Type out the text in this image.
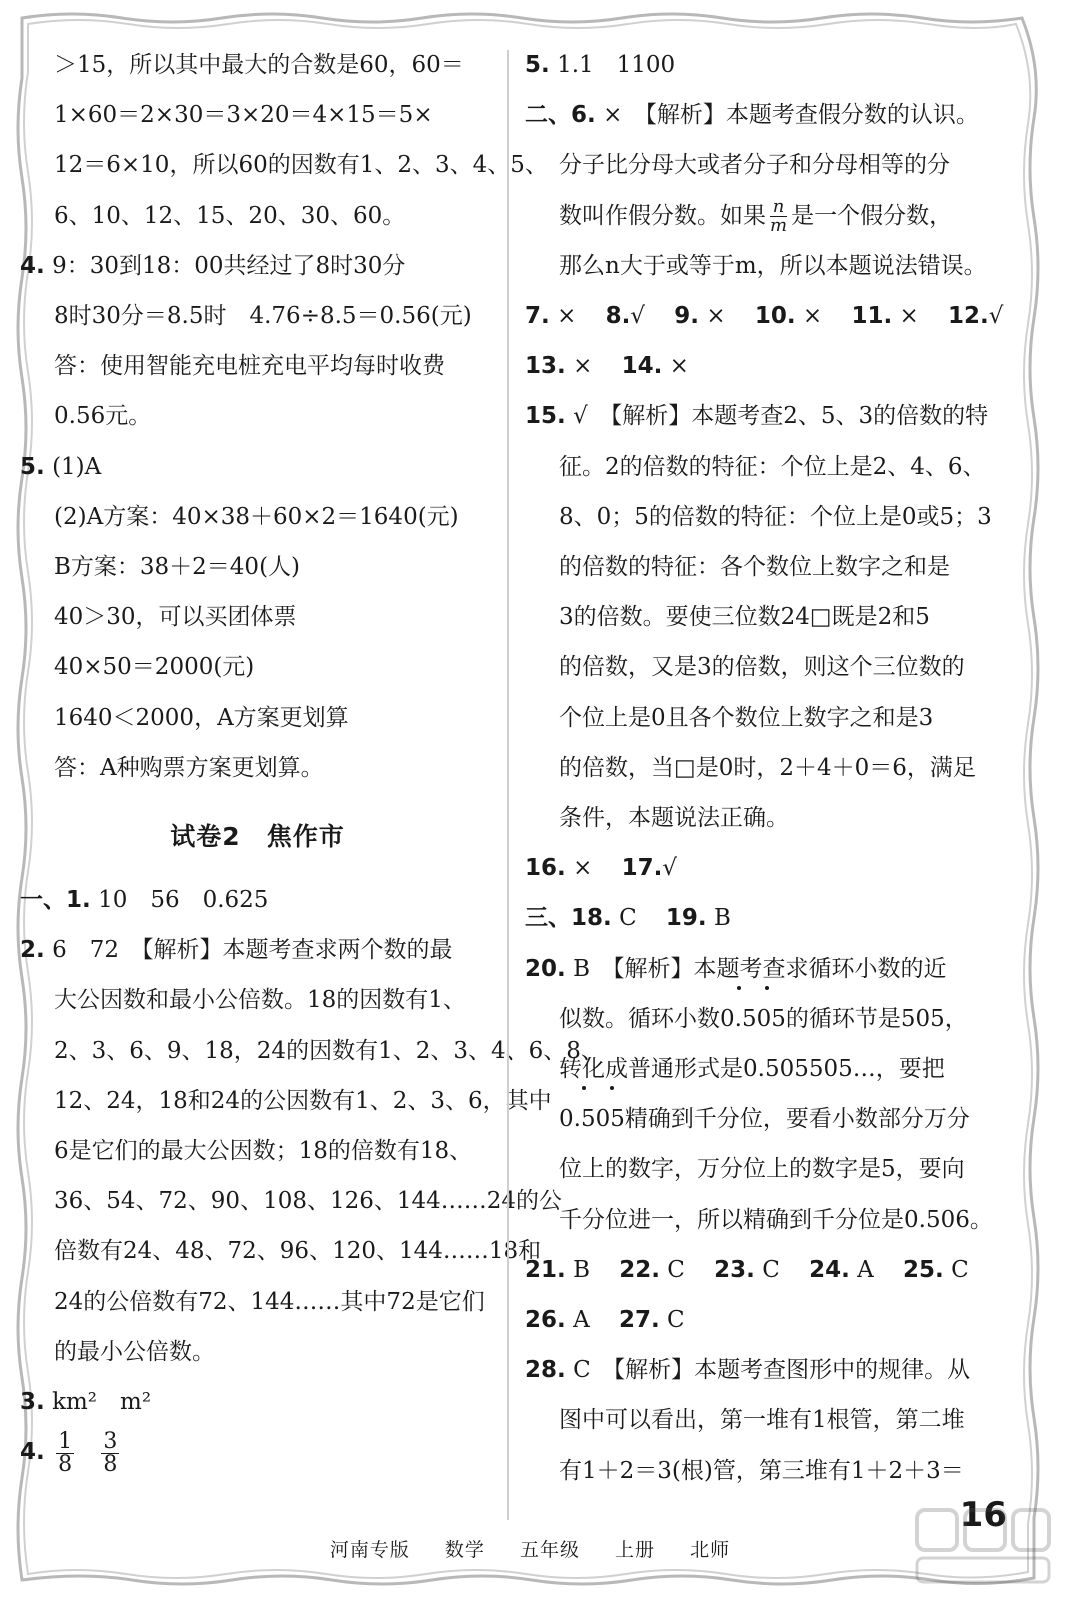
＞15，所以其中最大的合数是60，60＝
1×60＝2×30＝3×20＝4×15＝5×
12＝6×10，所以60的因数有1、2、3、4、5、
6、10、12、15、20、30、60。
4. 9：30到18：00共经过了8时30分
8时30分＝8.5时　4.76÷8.5＝0.56(元)
答：使用智能充电桩充电平均每时收费
0.56元。
5. (1)A
(2)A方案：40×38＋60×2＝1640(元)
B方案：38＋2＝40(人)
40＞30，可以买团体票
40×50＝2000(元)
1640＜2000，A方案更划算
答：A种购票方案更划算。
试卷2　焦作市
一、1. 10　56　0.625
2. 6　72　【解析】本题考查求两个数的最
大公因数和最小公倍数。18的因数有1、
2、3、6、9、18，24的因数有1、2、3、4、6、8、
12、24，18和24的公因数有1、2、3、6，其中
6是它们的最大公因数；18的倍数有18、
36、54、72、90、108、126、144……24的公
倍数有24、48、72、96、120、144……18和
24的公倍数有72、144……其中72是它们
的最小公倍数。
3. km²　m²
4. $\frac{1}{8}$
$\frac{3}{8}$
5. 1.1　1100
二、6. ×　【解析】本题考查假分数的认识。
分子比分母大或者分子和分母相等的分
数叫作假分数。如果 $\frac{n}{m}$ 是一个假分数，
那么n大于或等于m，所以本题说法错误。
7. × 8.√ 9. × 10. × 11. × 12.√
13. × 14. ×
15. √　【解析】本题考查2、5、3的倍数的特
征。2的倍数的特征：个位上是2、4、6、
8、0；5的倍数的特征：个位上是0或5；3
的倍数的特征：各个数位上数字之和是
3的倍数。要使三位数24□既是2和5
的倍数，又是3的倍数，则这个三位数的
个位上是0且各个数位上数字之和是3
的倍数，当□是0时，2＋4＋0＝6，满足
条件，本题说法正确。
16. × 17.√
三、18. C 19. B
20. B　【解析】本题考查求循环小数的近
似数。循环小数0.505的循环节是505，
转化成普通形式是0.505505…，要把
0.505精确到千分位，要看小数部分万分
位上的数字，万分位上的数字是5，要向
千分位进一，所以精确到千分位是0.506。
21. B 22. C 23. C 24. A 25. C
26. A 27. C
28. C　【解析】本题考查图形中的规律。从
图中可以看出，第一堆有1根管，第二堆
有1＋2＝3(根)管，第三堆有1＋2＋3＝
河南专版 数学 五年级 上册 北师
16
